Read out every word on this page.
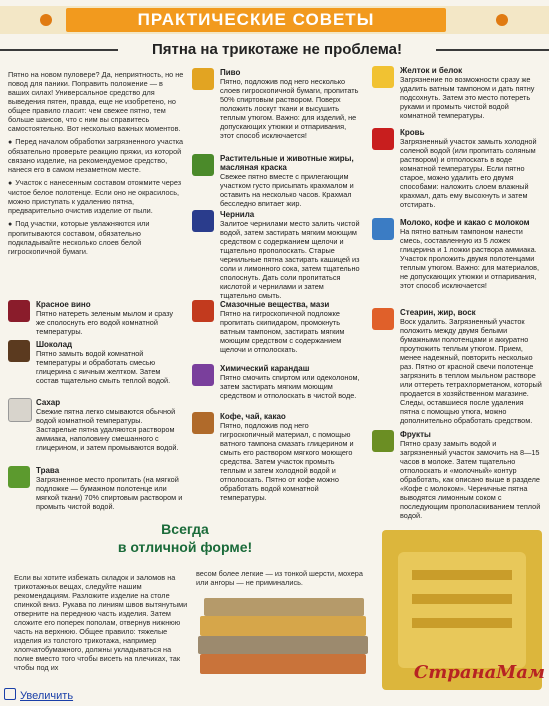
ПРАКТИЧЕСКИЕ СОВЕТЫ
Пятна на трикотаже не проблема!

Пятно на новом пуловере? Да, неприятность, но не повод для паники. Поправить положение — в ваших силах! Универсальное средство для выведения пятен, правда, еще не изобретено, но общее правило гласит: чем свежее пятно, тем больше шансов, что с ним вы справитесь самостоятельно. Вот несколько важных моментов.

● Перед началом обработки загрязненного участка обязательно проверьте реакцию пряжи, из которой связано изделие, на рекомендуемое средство, нанеся его в самом незаметном месте.

● Участок с нанесенным составом отожмите через чистое белое полотенце. Если оно не окрасилось, можно приступать к удалению пятна, предварительно очистив изделие от пыли.

● Под участки, которые увлажняются или пропитываются составом, обязательно подкладывайте несколько слоев белой гигроскопичной бумаги.

Красное вино

Пятно натереть зеленым мылом и сразу же сполоснуть его водой комнатной температуры.

Шоколад

Пятно замыть водой комнатной температуры и обработать смесью глицерина с яичным желтком. Затем состав тщательно смыть теплой водой.

Сахар

Свежие пятна легко смываются обычной водой комнатной температуры. Застарелые пятна удаляются раствором аммиака, наполовину смешанного с глицерином, и затем промываются водой.

Трава

Загрязненное место пропитать (на мягкой подложке — бумажном полотенце или мягкой ткани) 70% спиртовым раствором и промыть чистой водой.

Пиво

Пятно, подложив под него несколько слоев гигроскопичной бумаги, пропитать 50% спиртовым раствором. Поверх положить лоскут ткани и высушить теплым утюгом. Важно: для изделий, не допускающих утюжки и отпаривания, этот способ исключается!

Растительные и животные жиры, масляная краска

Свежее пятно вместе с прилегающим участком густо присыпать крахмалом и оставить на несколько часов. Крахмал бесследно впитает жир.

Чернила

Залитое чернилами место залить чистой водой, затем застирать мягким моющим средством с содержанием щелочи и тщательно прополоскать. Старые чернильные пятна застирать кашицей из соли и лимонного сока, затем тщательно сполоснуть. Дать соли пропитаться кислотой и чернилами и затем тщательно смыть.

Смазочные вещества, мази

Пятно на гигроскопичной подложке пропитать скипидаром, промокнуть ватным тампоном, застирать мягким моющим средством с содержанием щелочи и отполоскать.

Химический карандаш

Пятно смочить спиртом или одеколоном, затем застирать мягким моющим средством и отполоскать в чистой воде.

Кофе, чай, какао

Пятно, подложив под него гигроскопичный материал, с помощью ватного тампона смазать глицерином и смыть его раствором мягкого моющего средства. Затем участок промыть теплым и затем холодной водой и отполоскать. Пятно от кофе можно обработать водой комнатной температуры.

Желток и белок

Загрязнение по возможности сразу же удалить ватным тампоном и дать пятну подсохнуть. Затем это место потереть руками и промыть чистой водой комнатной температуры.

Кровь

Загрязненный участок замыть холодной соленой водой (или пропитать соляным раствором) и отполоскать в воде комнатной температуры. Если пятно старое, можно удалить его двумя способами: наложить слоем влажный крахмал, дать ему высохнуть и затем отстирать.

Молоко, кофе и какао с молоком

На пятно ватным тампоном нанести смесь, составленную из 5 ложек глицерина и 1 ложки раствора аммиака. Участок проложить двумя полотенцами теплым утюгом. Важно: для материалов, не допускающих утюжки и отпаривания, этот способ исключается!

Стеарин, жир, воск

Воск удалить. Загрязненный участок положить между двумя белыми бумажными полотенцами и аккуратно проутюжить теплым утюгом. Прием, менее надежный, повторить несколько раз. Пятно от красной свечи полотенце загрязнить в теплом мыльном растворе или оттереть тетрахлорметаном, который продается в хозяйственном магазине. Следы, оставшиеся после удаления пятна с помощью утюга, можно дополнительно обработать средством.

Фрукты

Пятно сразу замыть водой и загрязненный участок замочить на 8—15 часов в молоке. Затем тщательно отполоскать и «молочный» контур обработать, как описано выше в разделе «Кофе с молоком». Черничные пятна выводятся лимонным соком с последующим прополаскиванием теплой водой.

Всегда
в отличной форме!
Если вы хотите избежать складок и заломов на трикотажных вещах, следуйте нашим рекомендациям. Разложите изделие на столе спинкой вниз. Рукава по линиям швов вытянутыми отверните на переднюю часть изделия. Затем сложите его поперек пополам, отвернув нижнюю часть на верхнюю. Общее правило: тяжелые изделия из толстого трикотажа, например хлопчатобумажного, должны укладываться на полке вместо того чтобы висеть на плечиках, так чтобы под их
весом более легкие — из тонкой шерсти, мохера или ангоры — не приминались.
Увеличить
СтранаМам
